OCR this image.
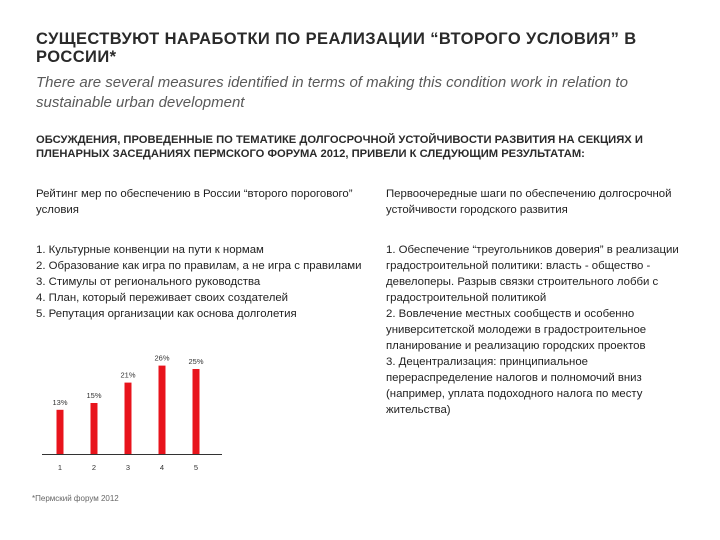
СУЩЕСТВУЮТ НАРАБОТКИ ПО РЕАЛИЗАЦИИ “ВТОРОГО УСЛОВИЯ” В РОССИИ*

There are several measures identified in terms of making this condition work in relation to sustainable urban development

ОБСУЖДЕНИЯ, ПРОВЕДЕННЫЕ ПО ТЕМАТИКЕ ДОЛГОСРОЧНОЙ УСТОЙЧИВОСТИ РАЗВИТИЯ НА СЕКЦИЯХ И ПЛЕНАРНЫХ ЗАСЕДАНИЯХ ПЕРМСКОГО ФОРУМА 2012, ПРИВЕЛИ К СЛЕДУЮЩИМ РЕЗУЛЬТАТАМ:

Рейтинг мер по обеспечению в России “второго порогового” условия

1. Культурные конвенции на пути к нормам
2. Образование как игра по правилам, а не игра с правилами
3. Стимулы от регионального руководства
4. План, который переживает своих создателей
5. Репутация организации как основа долголетия

Первоочередные шаги по обеспечению долгосрочной устойчивости городского развития

1. Обеспечение “треугольников доверия” в реализации градостроительной политики: власть - общество - девелоперы. Разрыв связки строительного лобби с градостроительной политикой
2. Вовлечение местных сообществ и особенно университетской молодежи в градостроительное планирование и реализацию городских проектов
3. Децентрализация: принципиальное перераспределение налогов и полномочий вниз (например, уплата подоходного налога по месту жительства)
13%
1
15%
2
21%
3
26%
4
25%
5
*Пермский форум 2012
